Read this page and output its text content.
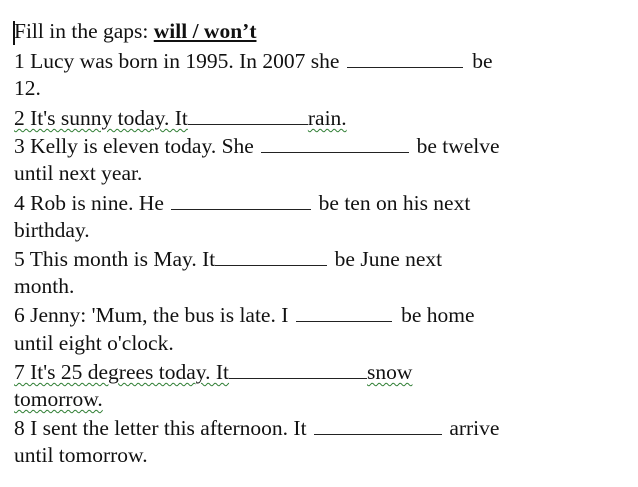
Fill in the gaps: will / won’t

1 Lucy was born in 1995. In 2007 she	be

12.

2 It's sunny today. It	rain.

3 Kelly is eleven today. She	be twelve

until next year.

4 Rob is nine. He	be ten on his next

birthday.

5 This month is May. It	be June next

month.

6 Jenny: 'Mum, the bus is late. I	be home

until eight o'clock.

7 It's 25 degrees today. It	snow

tomorrow.

8 I sent the letter this afternoon. It	arrive

until tomorrow.
